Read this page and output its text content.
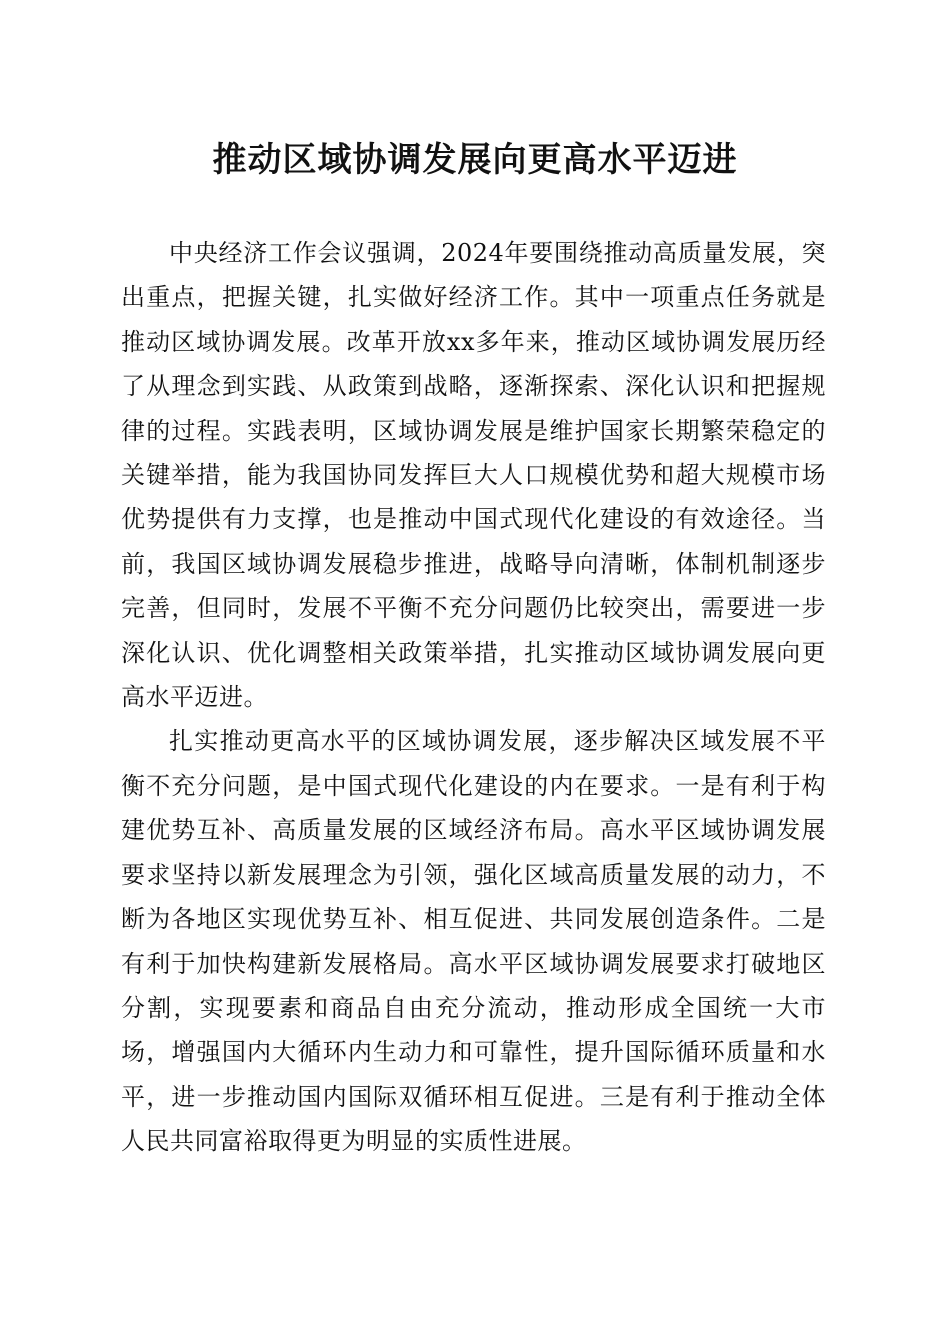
推动区域协调发展向更高水平迈进

中央经济工作会议强调，2024年要围绕推动高质量发展，突出重点，把握关键，扎实做好经济工作。其中一项重点任务就是推动区域协调发展。改革开放xx多年来，推动区域协调发展历经了从理念到实践、从政策到战略，逐渐探索、深化认识和把握规律的过程。实践表明，区域协调发展是维护国家长期繁荣稳定的关键举措，能为我国协同发挥巨大人口规模优势和超大规模市场优势提供有力支撑，也是推动中国式现代化建设的有效途径。当前，我国区域协调发展稳步推进，战略导向清晰，体制机制逐步完善，但同时，发展不平衡不充分问题仍比较突出，需要进一步深化认识、优化调整相关政策举措，扎实推动区域协调发展向更高水平迈进。

扎实推动更高水平的区域协调发展，逐步解决区域发展不平衡不充分问题，是中国式现代化建设的内在要求。一是有利于构建优势互补、高质量发展的区域经济布局。高水平区域协调发展要求坚持以新发展理念为引领，强化区域高质量发展的动力，不断为各地区实现优势互补、相互促进、共同发展创造条件。二是有利于加快构建新发展格局。高水平区域协调发展要求打破地区分割，实现要素和商品自由充分流动，推动形成全国统一大市场，增强国内大循环内生动力和可靠性，提升国际循环质量和水平，进一步推动国内国际双循环相互促进。三是有利于推动全体人民共同富裕取得更为明显的实质性进展。
